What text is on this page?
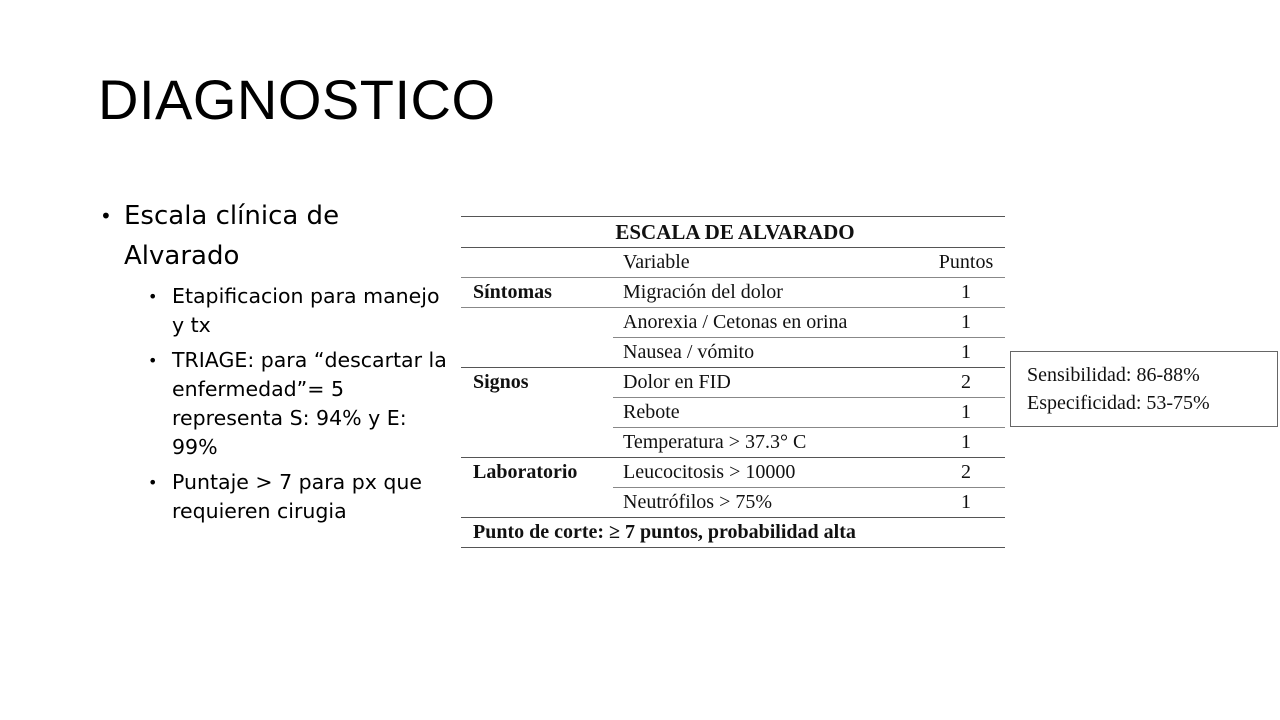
DIAGNOSTICO
• Escala clínica de Alvarado
• Etapificacion para manejo y tx
• TRIAGE: para “descartar la enfermedad”= 5 representa S: 94% y E: 99%
• Puntaje > 7 para px que requieren cirugia
ESCALA DE ALVARADO		
	Variable	Puntos
Síntomas	Migración del dolor	1
	Anorexia / Cetonas en orina	1
	Nausea / vómito	1
Signos	Dolor en FID	2
	Rebote	1
	Temperatura > 37.3° C	1
Laboratorio	Leucocitosis > 10000	2
	Neutrófilos > 75%	1
Punto de corte: ≥ 7 puntos, probabilidad alta		
Sensibilidad: 86-88%
Especificidad: 53-75%
